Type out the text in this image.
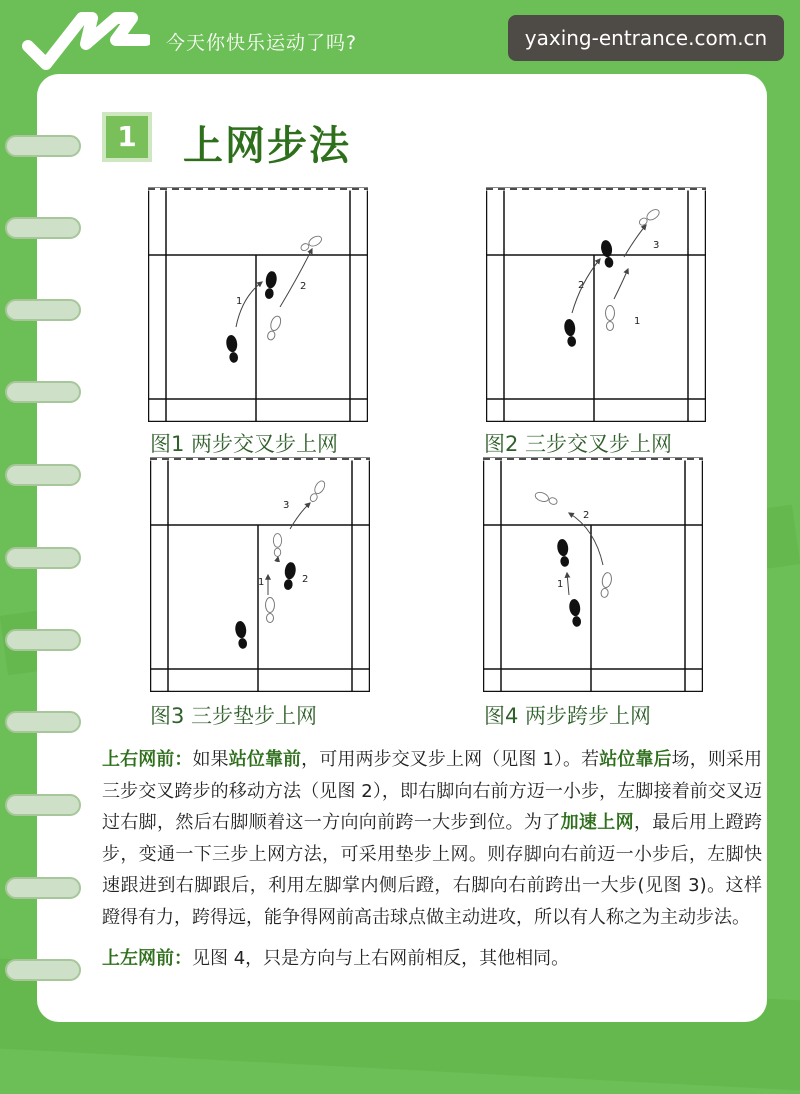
今天你快乐运动了吗?	yaxing-entrance.com.cn
1	上网步法
1
2
图1 两步交叉步上网
1
2
3
图2 三步交叉步上网
1	2
3
图3 三步垫步上网
1
2
图4 两步跨步上网

上右网前：如果站位靠前，可用两步交叉步上网（见图 1）。若站位靠后场，则采用三步交叉跨步的移动方法（见图 2），即右脚向右前方迈一小步，左脚接着前交叉迈过右脚，然后右脚顺着这一方向向前跨一大步到位。为了加速上网，最后用上蹬跨步，变通一下三步上网方法，可采用垫步上网。则存脚向右前迈一小步后，左脚快速跟进到右脚跟后，利用左脚掌内侧后蹬，右脚向右前跨出一大步(见图 3)。这样蹬得有力，跨得远，能争得网前高击球点做主动进攻，所以有人称之为主动步法。

上左网前：见图 4，只是方向与上右网前相反，其他相同。
